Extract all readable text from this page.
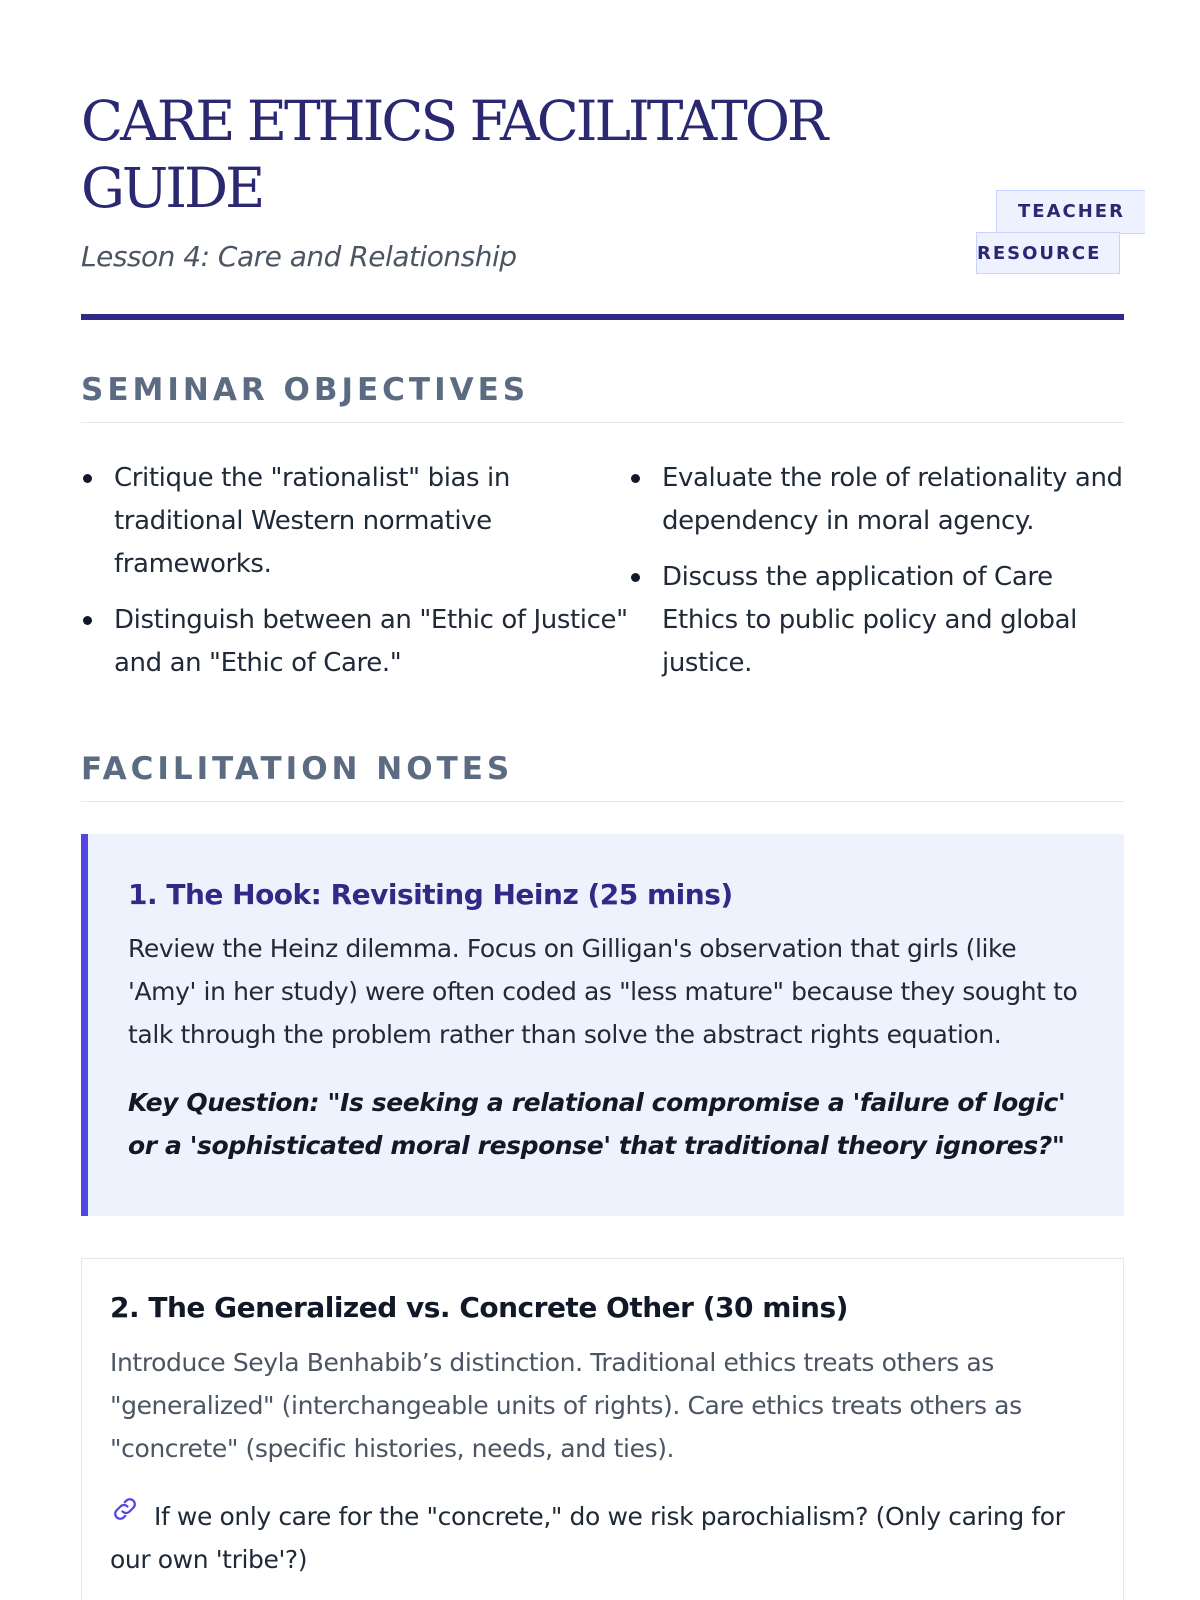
CARE ETHICS FACILITATOR GUIDE
Lesson 4: Care and Relationship
TEACHER
RESOURCE
SEMINAR OBJECTIVES
Critique the "rationalist" bias in traditional Western normative frameworks.
Distinguish between an "Ethic of Justice" and an "Ethic of Care."
Evaluate the role of relationality and dependency in moral agency.
Discuss the application of Care Ethics to public policy and global justice.
FACILITATION NOTES
1. The Hook: Revisiting Heinz (25 mins)

Review the Heinz dilemma. Focus on Gilligan's observation that girls (like 'Amy' in her study) were often coded as "less mature" because they sought to talk through the problem rather than solve the abstract rights equation.

Key Question: "Is seeking a relational compromise a 'failure of logic' or a 'sophisticated moral response' that traditional theory ignores?"

2. The Generalized vs. Concrete Other (30 mins)

Introduce Seyla Benhabib’s distinction. Traditional ethics treats others as "generalized" (interchangeable units of rights). Care ethics treats others as "concrete" (specific histories, needs, and ties).

If we only care for the "concrete," do we risk parochialism? (Only caring for our own 'tribe'?)
